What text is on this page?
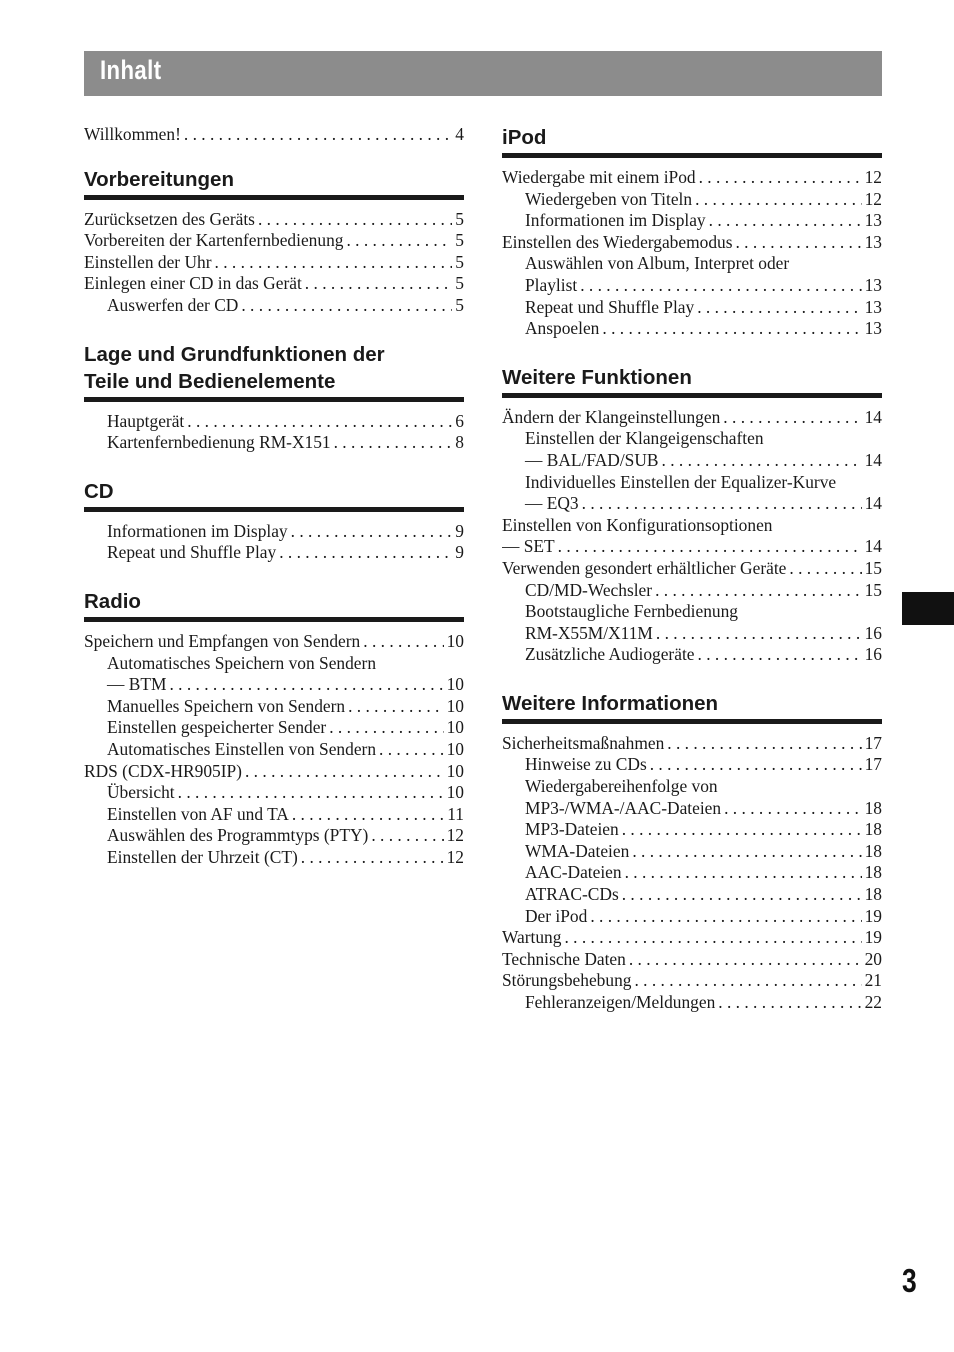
Inhalt
Willkommen! . . .	4
Vorbereitungen
Zurücksetzen des Geräts . . .	5
Vorbereiten der Kartenfernbedienung . . .	5
Einstellen der Uhr . . .	5
Einlegen einer CD in das Gerät . . .	5
Auswerfen der CD . . .	5
Lage und Grundfunktionen der
Teile und Bedienelemente
Hauptgerät . . .	6
Kartenfernbedienung RM-X151 . . .	8
CD
Informationen im Display . . .	9
Repeat und Shuffle Play . . .	9
Radio
Speichern und Empfangen von Sendern . . .	10
Automatisches Speichern von Sendern
— BTM . . .	10
Manuelles Speichern von Sendern . . .	10
Einstellen gespeicherter Sender . . .	10
Automatisches Einstellen von Sendern . . .	10
RDS (CDX-HR905IP) . . .	10
Übersicht . . .	10
Einstellen von AF und TA . . .	11
Auswählen des Programmtyps (PTY) . . .	12
Einstellen der Uhrzeit (CT) . . .	12
iPod
Wiedergabe mit einem iPod . . .	12
Wiedergeben von Titeln . . .	12
Informationen im Display . . .	13
Einstellen des Wiedergabemodus . . .	13
Auswählen von Album, Interpret oder
Playlist . . .	13
Repeat und Shuffle Play . . .	13
Anspoelen . . .	13
Weitere Funktionen
Ändern der Klangeinstellungen . . .	14
Einstellen der Klangeigenschaften
— BAL/FAD/SUB . . .	14
Individuelles Einstellen der Equalizer-Kurve
— EQ3 . . .	14
Einstellen von Konfigurationsoptionen
— SET . . .	14
Verwenden gesondert erhältlicher Geräte . . .	15
CD/MD-Wechsler . . .	15
Bootstaugliche Fernbedienung
RM-X55M/X11M . . .	16
Zusätzliche Audiogeräte . . .	16
Weitere Informationen
Sicherheitsmaßnahmen . . .	17
Hinweise zu CDs . . .	17
Wiedergabereihenfolge von
MP3-/WMA-/AAC-Dateien . . .	18
MP3-Dateien . . .	18
WMA-Dateien . . .	18
AAC-Dateien . . .	18
ATRAC-CDs . . .	18
Der iPod . . .	19
Wartung . . .	19
Technische Daten . . .	20
Störungsbehebung . . .	21
Fehleranzeigen/Meldungen . . .	22
3
